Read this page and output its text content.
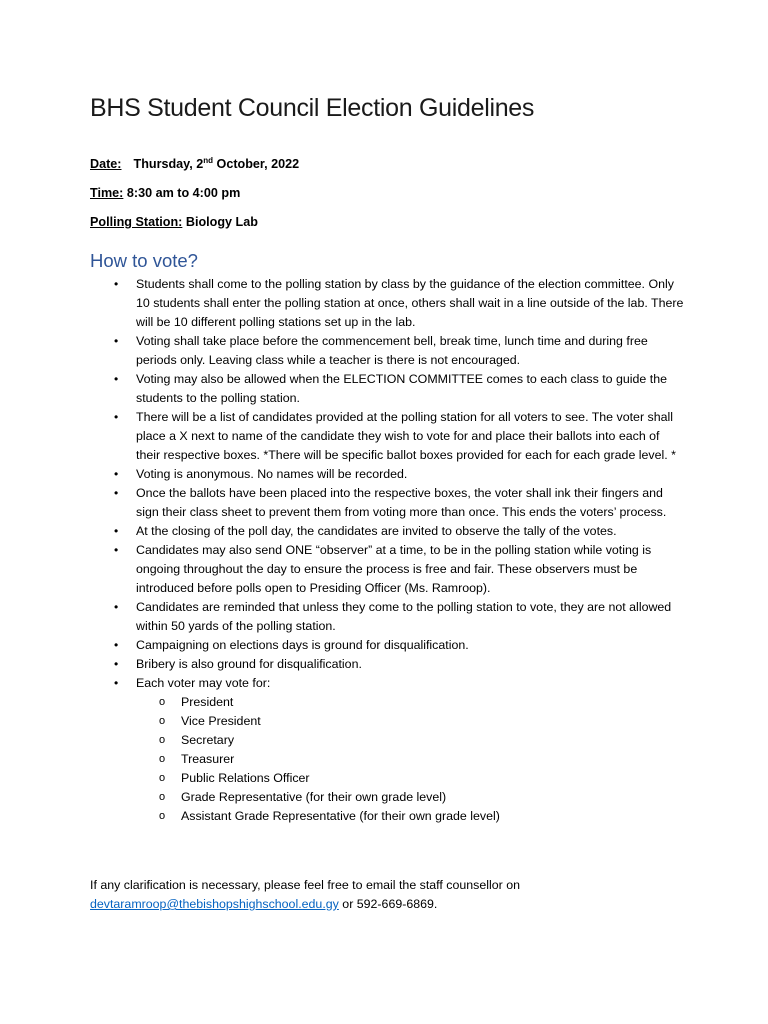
BHS Student Council Election Guidelines
Date: Thursday, 2nd October, 2022
Time: 8:30 am to 4:00 pm
Polling Station: Biology Lab
How to vote?
• Students shall come to the polling station by class by the guidance of the election committee. Only 10 students shall enter the polling station at once, others shall wait in a line outside of the lab. There will be 10 different polling stations set up in the lab.
• Voting shall take place before the commencement bell, break time, lunch time and during free periods only. Leaving class while a teacher is there is not encouraged.
• Voting may also be allowed when the ELECTION COMMITTEE comes to each class to guide the students to the polling station.
• There will be a list of candidates provided at the polling station for all voters to see. The voter shall place a X next to name of the candidate they wish to vote for and place their ballots into each of their respective boxes. *There will be specific ballot boxes provided for each for each grade level. *
• Voting is anonymous. No names will be recorded.
• Once the ballots have been placed into the respective boxes, the voter shall ink their fingers and sign their class sheet to prevent them from voting more than once. This ends the voters’ process.
• At the closing of the poll day, the candidates are invited to observe the tally of the votes.
• Candidates may also send ONE “observer” at a time, to be in the polling station while voting is ongoing throughout the day to ensure the process is free and fair. These observers must be introduced before polls open to Presiding Officer (Ms. Ramroop).
• Candidates are reminded that unless they come to the polling station to vote, they are not allowed within 50 yards of the polling station.
• Campaigning on elections days is ground for disqualification.
• Bribery is also ground for disqualification.
• Each voter may vote for:
o President
o Vice President
o Secretary
o Treasurer
o Public Relations Officer
o Grade Representative (for their own grade level)
o Assistant Grade Representative (for their own grade level)
If any clarification is necessary, please feel free to email the staff counsellor on devtaramroop@thebishopshighschool.edu.gy or 592-669-6869.
